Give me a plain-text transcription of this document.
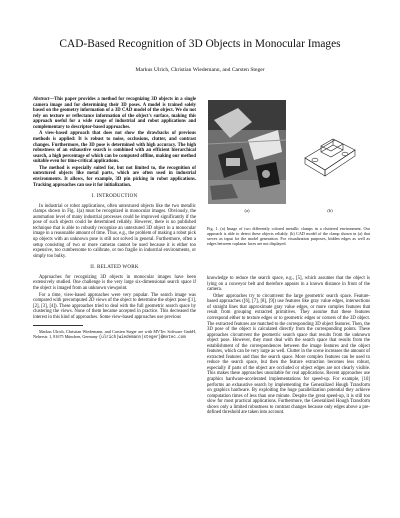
CAD-Based Recognition of 3D Objects in Monocular Images
Markus Ulrich, Christian Wiedemann, and Carsten Steger

Abstract—This paper provides a method for recognizing 3D objects in a single camera image and for determining their 3D poses. A model is trained solely based on the geometry information of a 3D CAD model of the object. We do not rely on texture or reflectance information of the object's surface, making this approach useful for a wide range of industrial and robot applications and complementary to descriptor-based approaches.

A view-based approach that does not show the drawbacks of previous methods is applied: It is robust to noise, occlusions, clutter, and contrast changes. Furthermore, the 3D pose is determined with high accuracy. The high robustness of an exhaustive search is combined with an efficient hierarchical search, a high percentage of which can be computed offline, making our method suitable even for time-critical applications.

The method is especially suited for, but not limited to, the recognition of untextured objects like metal parts, which are often used in industrial environments. It allows, for example, 3D pin picking in robot applications. Tracking approaches can use it for initialization.

I. INTRODUCTION

In industrial or robot applications, often untextured objects like the two metallic clamps shown in Fig. 1(a) must be recognized in monocular images. Obviously, the automation level of many industrial processes could be improved significantly if the pose of such objects could be determined reliably. However, there is no published technique that is able to robustly recognize an untextured 3D object in a monocular image in a reasonable amount of time. Thus, e.g., the problem of making a robot pick up objects with an unknown pose is still not solved in general. Furthermore, often a setup consisting of two or more cameras cannot be used because it is either too expensive, too cumbersome to calibrate, or too fragile in industrial environments, or simply too bulky.

II. RELATED WORK

Approaches for recognizing 3D objects in monocular images have been extensively studied. One challenge is the very large six-dimensional search space if the object is imaged from an unknown viewpoint.

For a time, view-based approaches were very popular. The search image was compared with precomputed 2D views of the object to determine the object pose ([1], [2], [3], [4]). These approaches tried to deal with the full geometric search space by clustering the views. None of them became accepted in practice. This decreased the interest in this kind of approaches. Some view-based approaches use previous

Markus Ulrich, Christian Wiedemann, and Carsten Steger are with MVTec Software GmbH, Neherstr. 1, 81675 München, Germany {ulrich|wiedemann|steger}@mvtec.com
(a)	(b)
Fig. 1. (a) Image of two differently colored metallic clamps in a cluttered environment. Our approach is able to detect these objects reliably. (b) CAD model of the clamp shown in (a) that serves as input for the model generation. For visualization purposes, hidden edges as well as edges between coplanar faces are not displayed.

knowledge to reduce the search space, e.g., [5], which assumes that the object is lying on a conveyor belt and therefore appears in a known distance in front of the camera.

Other approaches try to circumvent the large geometric search space. Feature-based approaches ([6], [7], [8], [9]) use features like gray value edges, intersections of straight lines that approximate gray value edges, or more complex features that result from grouping extracted primitives. They assume that these features correspond either to texture edges or to geometric edges or corners of the 3D object. The extracted features are matched to the corresponding 3D object features. Then, the 3D pose of the object is calculated directly from the corresponding points. These approaches circumvent the geometric search space that results from the unknown object pose. However, they must deal with the search space that results from the establishment of the correspondences between the image features and the object features, which can be very large as well. Clutter in the scene increases the amount of extracted features and thus the search space. More complex features can be used to reduce the search space, but then the feature extraction becomes less robust, especially if parts of the object are occluded or object edges are not clearly visible. This makes these approaches unsuitable for real applications. Recent approaches use graphics hardware-accelerated implementations for speed-up. For example, [10] performs an exhaustive search by implementing the Generalized Hough Transform on graphics hardware. By exploiting the huge parallelization potential they achieve computation times of less than one minute. Despite the great speed-up, it is still too slow for most practical applications. Furthermore, the Generalized Hough Transform shows only a limited robustness to contrast changes because only edges above a pre-defined threshold are taken into account.
